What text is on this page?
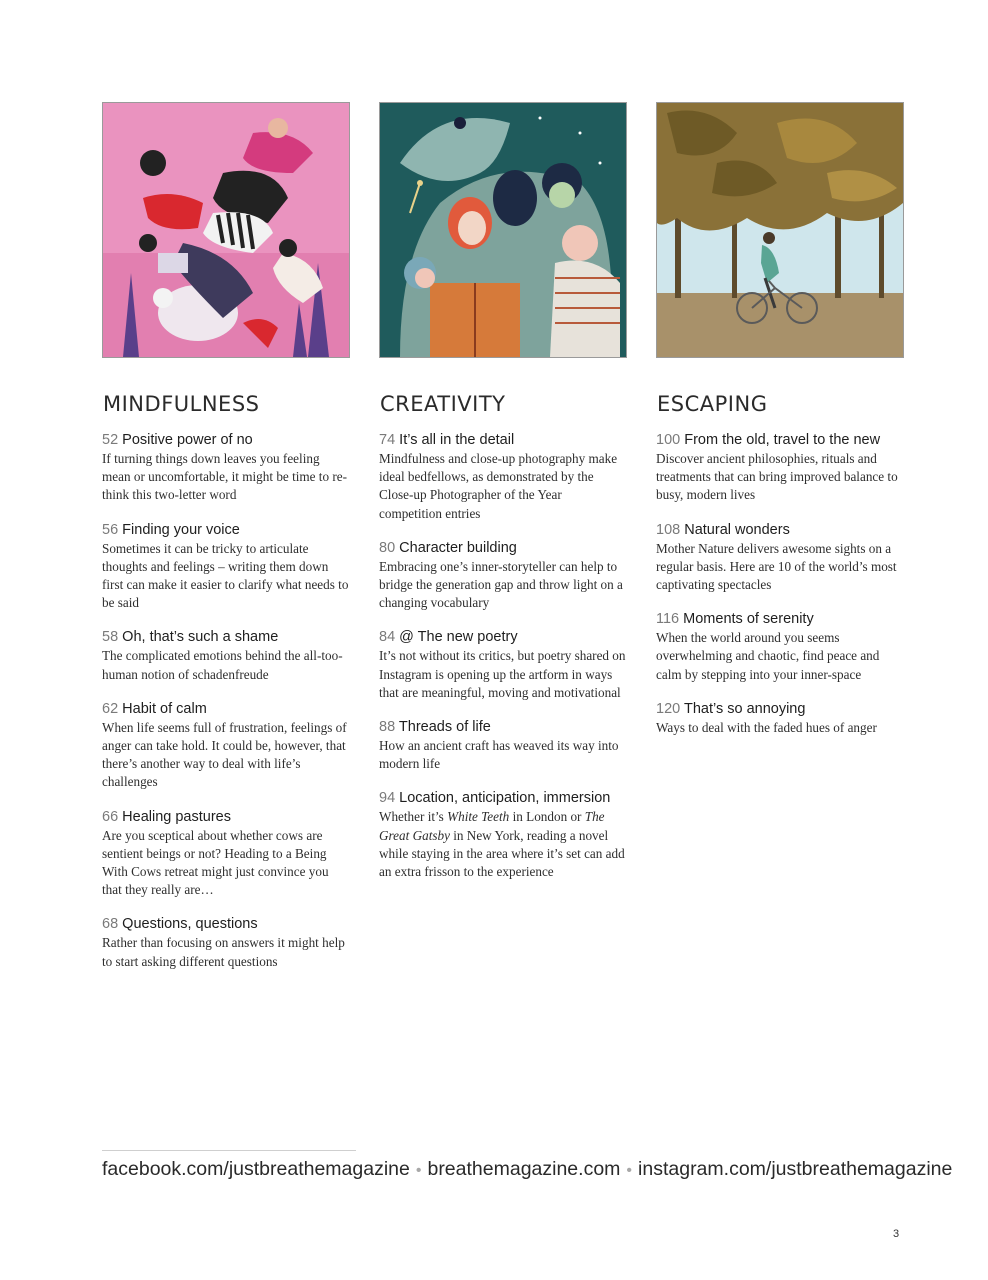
MINDFULNESS
52 Positive power of no
If turning things down leaves you feeling mean or uncomfortable, it might be time to re-think this two-letter word
56 Finding your voice
Sometimes it can be tricky to articulate thoughts and feelings – writing them down first can make it easier to clarify what needs to be said
58 Oh, that’s such a shame
The complicated emotions behind the all-too-human notion of schadenfreude
62 Habit of calm
When life seems full of frustration, feelings of anger can take hold. It could be, however, that there’s another way to deal with life’s challenges
66 Healing pastures
Are you sceptical about whether cows are sentient beings or not? Heading to a Being With Cows retreat might just convince you that they really are…
68 Questions, questions
Rather than focusing on answers it might help to start asking different questions
CREATIVITY
74 It’s all in the detail
Mindfulness and close-up photography make ideal bedfellows, as demonstrated by the Close-up Photographer of the Year competition entries
80 Character building
Embracing one’s inner-storyteller can help to bridge the generation gap and throw light on a changing vocabulary
84 @ The new poetry
It’s not without its critics, but poetry shared on Instagram is opening up the artform in ways that are meaningful, moving and motivational
88 Threads of life
How an ancient craft has weaved its way into modern life
94 Location, anticipation, immersion
Whether it’s White Teeth in London or The Great Gatsby in New York, reading a novel while staying in the area where it’s set can add an extra frisson to the experience
ESCAPING
100 From the old, travel to the new
Discover ancient philosophies, rituals and treatments that can bring improved balance to busy, modern lives
108 Natural wonders
Mother Nature delivers awesome sights on a regular basis. Here are 10 of the world’s most captivating spectacles
116 Moments of serenity
When the world around you seems overwhelming and chaotic, find peace and calm by stepping into your inner-space
120 That’s so annoying
Ways to deal with the faded hues of anger
facebook.com/justbreathemagazine • breathemagazine.com • instagram.com/justbreathemagazine
3
